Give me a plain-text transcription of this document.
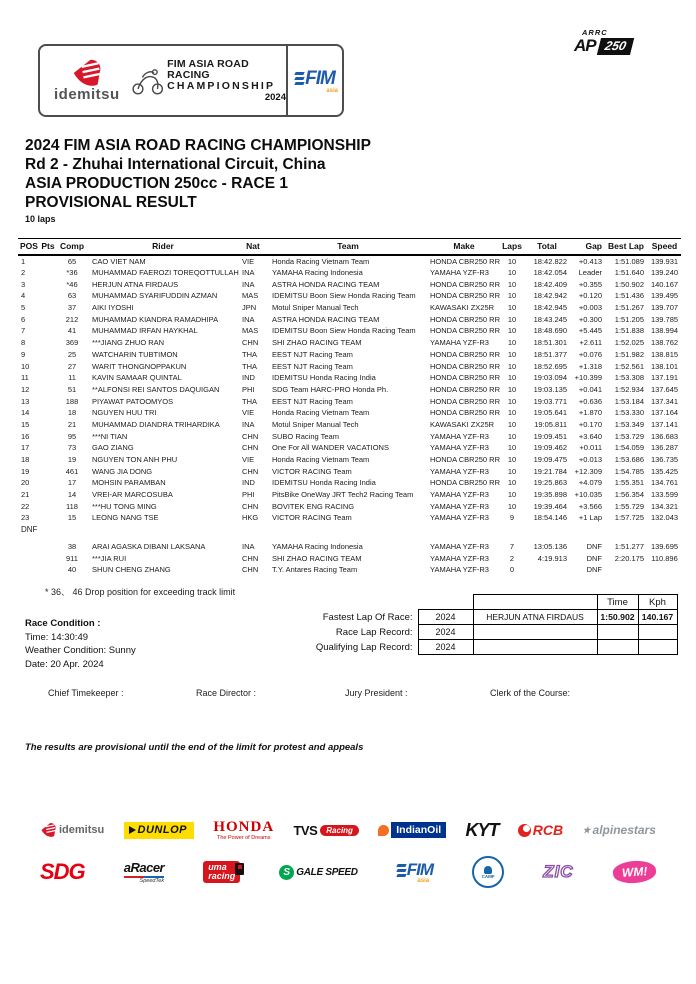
idemitsu
FIM ASIA ROAD RACING
CHAMPIONSHIP
2024
FIM
asia
ARRC
AP 250
2024 FIM ASIA ROAD RACING CHAMPIONSHIP
Rd 2 - Zhuhai International Circuit, China
ASIA PRODUCTION 250cc - RACE 1
PROVISIONAL RESULT
10 laps
POS	Pts	Comp	Rider	Nat	Team	Make	Laps	Total	Gap	Best Lap	Speed
1		65	CAO VIET NAM	VIE	Honda Racing Vietnam Team	HONDA CBR250 RR	10	18:42.822	+0.413	1:51.089	139.931
2		*36	MUHAMMAD FAEROZI TOREQOTTULLAH	INA	YAMAHA Racing Indonesia	YAMAHA YZF-R3	10	18:42.054	Leader	1:51.640	139.240
3		*46	HERJUN ATNA FIRDAUS	INA	ASTRA HONDA RACING TEAM	HONDA CBR250 RR	10	18:42.409	+0.355	1:50.902	140.167
4		63	MUHAMMAD SYARIFUDDIN AZMAN	MAS	IDEMITSU Boon Siew Honda Racing Team	HONDA CBR250 RR	10	18:42.942	+0.120	1:51.436	139.495
5		37	AIKI IYOSHI	JPN	Motul Sniper Manual Tech	KAWASAKI ZX25R	10	18:42.945	+0.003	1:51.267	139.707
6		212	MUHAMMAD KIANDRA RAMADHIPA	INA	ASTRA HONDA RACING TEAM	HONDA CBR250 RR	10	18:43.245	+0.300	1:51.205	139.785
7		41	MUHAMMAD IRFAN HAYKHAL	MAS	IDEMITSU Boon Siew Honda Racing Team	HONDA CBR250 RR	10	18:48.690	+5.445	1:51.838	138.994
8		369	***JIANG ZHUO RAN	CHN	SHI ZHAO RACING TEAM	YAMAHA YZF-R3	10	18:51.301	+2.611	1:52.025	138.762
9		25	WATCHARIN TUBTIMON	THA	EEST NJT Racing Team	HONDA CBR250 RR	10	18:51.377	+0.076	1:51.982	138.815
10		27	WARIT THONGNOPPAKUN	THA	EEST NJT Racing Team	HONDA CBR250 RR	10	18:52.695	+1.318	1:52.561	138.101
11		11	KAVIN SAMAAR QUINTAL	IND	IDEMITSU Honda Racing India	HONDA CBR250 RR	10	19:03.094	+10.399	1:53.308	137.191
12		51	**ALFONSI REI SANTOS DAQUIGAN	PHI	SDG Team HARC-PRO Honda Ph.	HONDA CBR250 RR	10	19:03.135	+0.041	1:52.934	137.645
13		188	PIYAWAT PATOOMYOS	THA	EEST NJT Racing Team	HONDA CBR250 RR	10	19:03.771	+0.636	1:53.184	137.341
14		18	NGUYEN HUU TRI	VIE	Honda Racing Vietnam Team	HONDA CBR250 RR	10	19:05.641	+1.870	1:53.330	137.164
15		21	MUHAMMAD DIANDRA TRIHARDIKA	INA	Motul Sniper Manual Tech	KAWASAKI ZX25R	10	19:05.811	+0.170	1:53.349	137.141
16		95	***NI TIAN	CHN	SUBO Racing Team	YAMAHA YZF-R3	10	19:09.451	+3.640	1:53.729	136.683
17		73	GAO ZIANG	CHN	One For All WANDER VACATIONS	YAMAHA YZF-R3	10	19:09.462	+0.011	1:54.059	136.287
18		19	NGUYEN TON ANH PHU	VIE	Honda Racing Vietnam Team	HONDA CBR250 RR	10	19:09.475	+0.013	1:53.686	136.735
19		461	WANG JIA DONG	CHN	VICTOR RACING Team	YAMAHA YZF-R3	10	19:21.784	+12.309	1:54.785	135.425
20		17	MOHSIN PARAMBAN	IND	IDEMITSU Honda Racing India	HONDA CBR250 RR	10	19:25.863	+4.079	1:55.351	134.761
21		14	VREI-AR MARCOSUBA	PHI	PitsBike OneWay JRT Tech2 Racing Team	YAMAHA YZF-R3	10	19:35.898	+10.035	1:56.354	133.599
22		118	***HU TONG MING	CHN	BOVITEK ENG RACING	YAMAHA YZF-R3	10	19:39.464	+3.566	1:55.729	134.321
23		15	LEONG NANG TSE	HKG	VICTOR RACING Team	YAMAHA YZF-R3	9	18:54.146	+1 Lap	1:57.725	132.043
DNF											

		38	ARAI AGASKA DIBANI LAKSANA	INA	YAMAHA Racing Indonesia	YAMAHA YZF-R3	7	13:05.136	DNF	1:51.277	139.695
		911	***JIA RUI	CHN	SHI ZHAO RACING TEAM	YAMAHA YZF-R3	2	4:19.913	DNF	2:20.175	110.896
		40	SHUN CHENG ZHANG	CHN	T.Y. Antares Racing Team	YAMAHA YZF-R3	0		DNF		
* 36、 46 Drop position for exceeding track limit
			Time	Kph
Fastest Lap Of Race:	2024	HERJUN ATNA FIRDAUS	1:50.902	140.167
Race Lap Record:	2024			
Qualifying Lap Record:	2024			
Race Condition :
Time: 14:30:49
Weather Condition: Sunny
Date: 20 Apr. 2024
Chief Timekeeper :	Race Director :	Jury President :	Clerk of the Course:
The results are provisional until the end of the limit for protest and appeals
idemitsu	DUNLOP HONDA
The Power of Dreams
TVS	Racing	IndianOil KYT RCB ★ alpinestars
SDG	aRacer
SpeedTek
uma
racing	S GALE SPEED	FIM
asia
CAMF	ZIC	WM!
